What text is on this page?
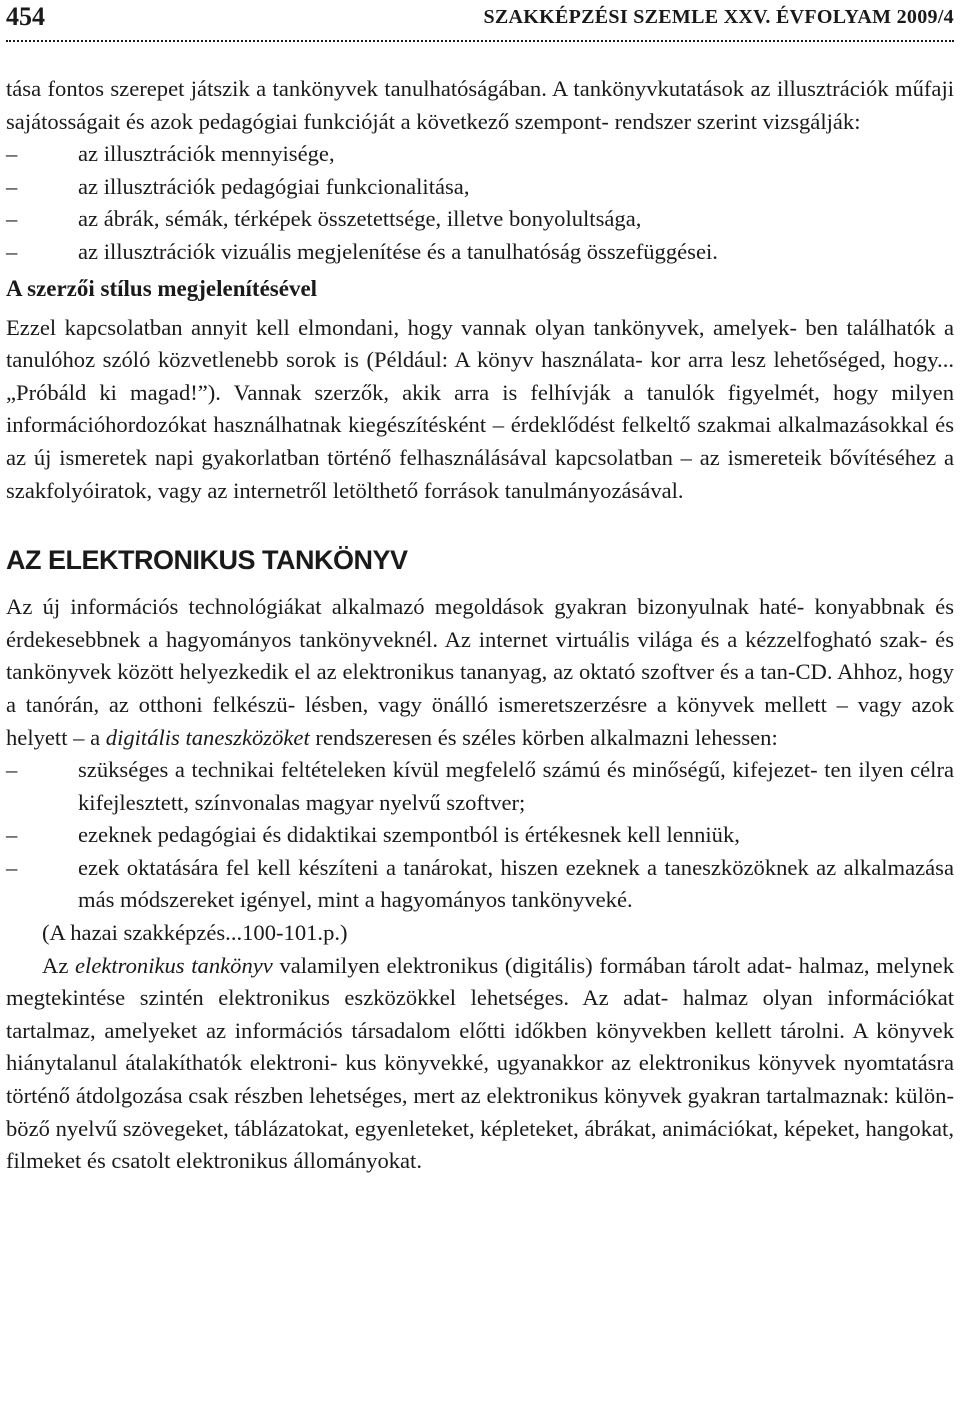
454	SZAKKÉPZÉSI SZEMLE XXV. ÉVFOLYAM 2009/4

tása fontos szerepet játszik a tankönyvek tanulhatóságában. A tankönyvkutatások az illusztrációk műfaji sajátosságait és azok pedagógiai funkcióját a következő szempont- rendszer szerint vizsgálják:

–	az illusztrációk mennyisége,
–	az illusztrációk pedagógiai funkcionalitása,
–	az ábrák, sémák, térképek összetettsége, illetve bonyolultsága,
–	az illusztrációk vizuális megjelenítése és a tanulhatóság összefüggései.
A szerzői stílus megjelenítésével

Ezzel kapcsolatban annyit kell elmondani, hogy vannak olyan tankönyvek, amelyek- ben találhatók a tanulóhoz szóló közvetlenebb sorok is (Például: A könyv használata- kor arra lesz lehetőséged, hogy... „Próbáld ki magad!”). Vannak szerzők, akik arra is felhívják a tanulók figyelmét, hogy milyen információhordozókat használhatnak kiegészítésként – érdeklődést felkeltő szakmai alkalmazásokkal és az új ismeretek napi gyakorlatban történő felhasználásával kapcsolatban – az ismereteik bővítéséhez a szakfolyóiratok, vagy az internetről letölthető források tanulmányozásával.

AZ ELEKTRONIKUS TANKÖNYV

Az új információs technológiákat alkalmazó megoldások gyakran bizonyulnak haté- konyabbnak és érdekesebbnek a hagyományos tankönyveknél. Az internet virtuális világa és a kézzelfogható szak- és tankönyvek között helyezkedik el az elektronikus tananyag, az oktató szoftver és a tan-CD. Ahhoz, hogy a tanórán, az otthoni felkészü- lésben, vagy önálló ismeretszerzésre a könyvek mellett – vagy azok helyett – a digitális taneszközöket rendszeresen és széles körben alkalmazni lehessen:

–	szükséges a technikai feltételeken kívül megfelelő számú és minőségű, kifejezet- ten ilyen célra kifejlesztett, színvonalas magyar nyelvű szoftver;
–	ezeknek pedagógiai és didaktikai szempontból is értékesnek kell lenniük,
–	ezek oktatására fel kell készíteni a tanárokat, hiszen ezeknek a taneszközöknek az alkalmazása más módszereket igényel, mint a hagyományos tankönyveké.

(A hazai szakképzés...100-101.p.)

Az elektronikus tankönyv valamilyen elektronikus (digitális) formában tárolt adat- halmaz, melynek megtekintése szintén elektronikus eszközökkel lehetséges. Az adat- halmaz olyan információkat tartalmaz, amelyeket az információs társadalom előtti időkben könyvekben kellett tárolni. A könyvek hiánytalanul átalakíthatók elektroni- kus könyvekké, ugyanakkor az elektronikus könyvek nyomtatásra történő átdolgozása csak részben lehetséges, mert az elektronikus könyvek gyakran tartalmaznak: külön- böző nyelvű szövegeket, táblázatokat, egyenleteket, képleteket, ábrákat, animációkat, képeket, hangokat, filmeket és csatolt elektronikus állományokat.
